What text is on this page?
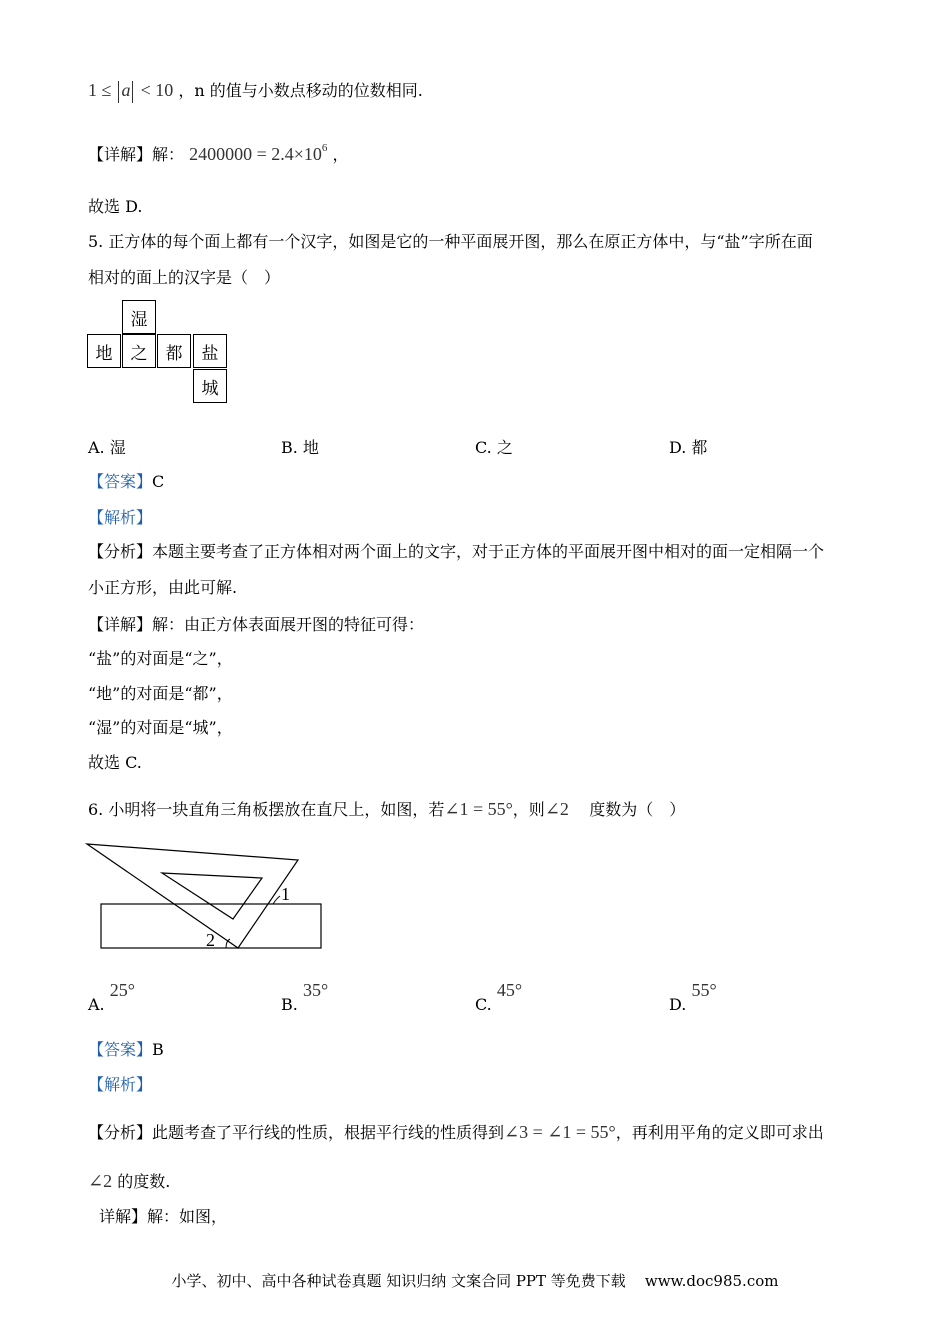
1 ≤ a < 10 ，n 的值与小数点移动的位数相同.
【详解】解： $2400000 = 2.4\times 10^6$ ，
故选 D.
5. 正方体的每个面上都有一个汉字，如图是它的一种平面展开图，那么在原正方体中，与“盐”字所在面
相对的面上的汉字是（　）
湿
地	之	都	盐
城
A. 湿	B. 地	C. 之	D. 都
【答案】C
【解析】
【分析】本题主要考查了正方体相对两个面上的文字，对于正方体的平面展开图中相对的面一定相隔一个
小正方形，由此可解.
【详解】解：由正方体表面展开图的特征可得：
“盐”的对面是“之”，
“地”的对面是“都”，
“湿”的对面是“城”，
故选 C.
6. 小明将一块直角三角板摆放在直尺上，如图，若∠1 = 55°，则∠2 度数为（　）
1
2
A. 25°
B. 35°
C. 45°
D. 55°
【答案】B
【解析】
【分析】此题考查了平行线的性质，根据平行线的性质得到∠3 = ∠1 = 55°，再利用平角的定义即可求出
∠2 的度数.
详解】解：如图，
小学、初中、高中各种试卷真题 知识归纳 文案合同 PPT 等免费下载 www.doc985.com
